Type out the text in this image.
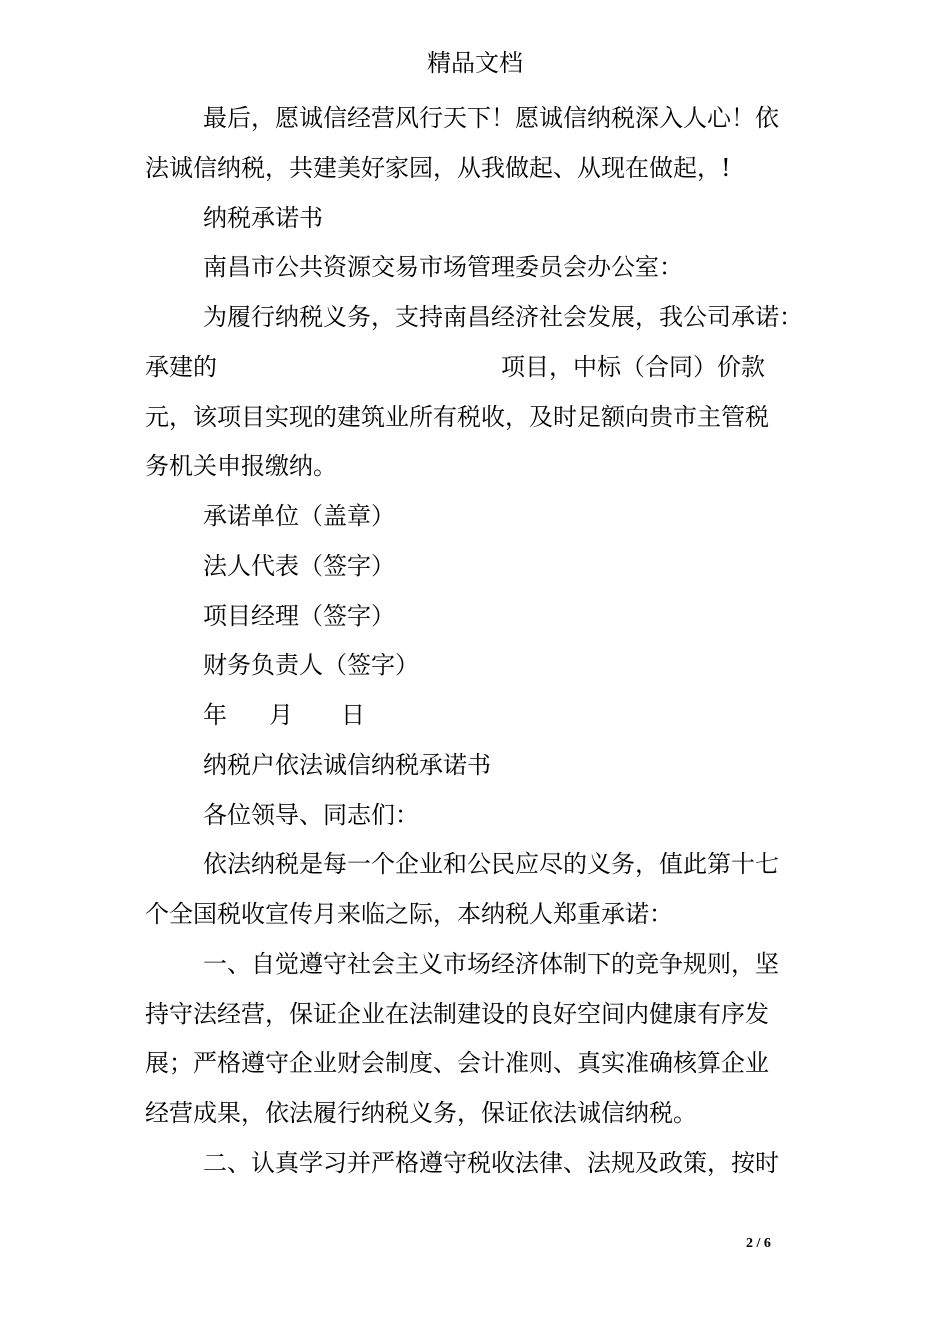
精品文档
最后，愿诚信经营风行天下！愿诚信纳税深入人心！依
法诚信纳税，共建美好家园，从我做起、从现在做起，!
纳税承诺书
南昌市公共资源交易市场管理委员会办公室：
为履行纳税义务，支持南昌经济社会发展，我公司承诺：
承建的	项目，中标（合同）价款
元，该项目实现的建筑业所有税收，及时足额向贵市主管税
务机关申报缴纳。
承诺单位（盖章）
法人代表（签字）
项目经理（签字）
财务负责人（签字）
年 月 日
纳税户依法诚信纳税承诺书
各位领导、同志们：
依法纳税是每一个企业和公民应尽的义务，值此第十七
个全国税收宣传月来临之际，本纳税人郑重承诺：
一、自觉遵守社会主义市场经济体制下的竞争规则，坚
持守法经营，保证企业在法制建设的良好空间内健康有序发
展；严格遵守企业财会制度、会计准则、真实准确核算企业
经营成果，依法履行纳税义务，保证依法诚信纳税。
二、认真学习并严格遵守税收法律、法规及政策，按时
2 / 6
